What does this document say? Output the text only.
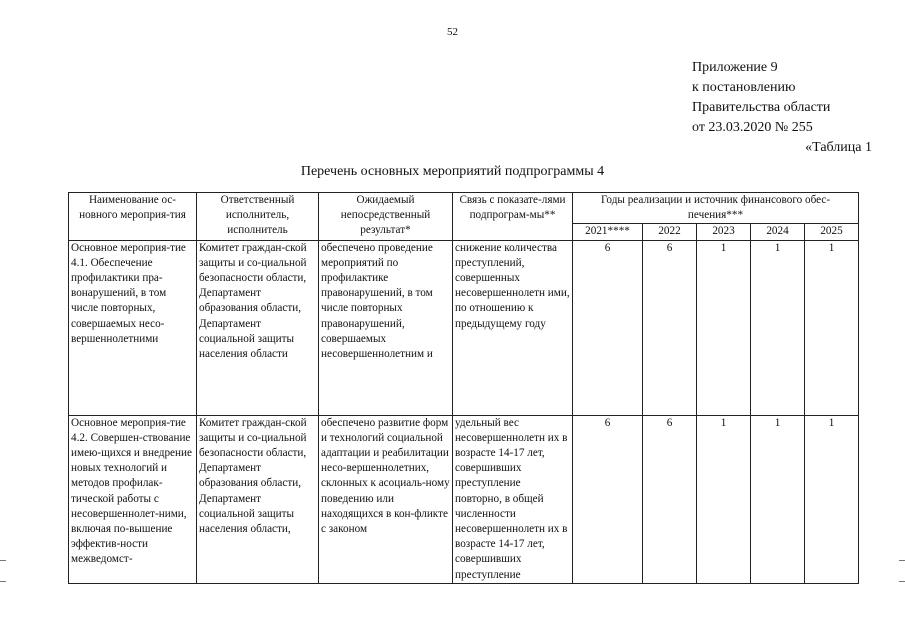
52
Приложение 9
к постановлению
Правительства области
от 23.03.2020 № 255
«Таблица 1
Перечень основных мероприятий подпрограммы 4
Наименование ос-новного мероприя-тия	Ответственный исполнитель, исполнитель	Ожидаемый непосредственный результат*	Связь с показате-лями подпрограм-мы**	Годы реализации и источник финансового обес-печения***				
				2021****	2022	2023	2024	2025
Основное мероприя-тие 4.1. Обеспечение профилактики пра-вонарушений, в том числе повторных, совершаемых несо-вершеннолетними	Комитет граждан-ской защиты и со-циальной безопасности области, Департамент образования области, Департамент социальной защиты населения области	обеспечено проведение мероприятий по профилактике правонарушений, в том числе повторных правонарушений, совершаемых несовершеннолетним и	снижение количества преступлений, совершенных несовершеннолетн ими, по отношению к предыдущему году	6	6	1	1	1
Основное мероприя-тие 4.2. Совершен-ствование имею-щихся и внедрение новых технологий и методов профилак-тической работы с несовершеннолет-ними, включая по-вышение эффектив-ности межведомст-	Комитет граждан-ской защиты и со-циальной безопасности области, Департамент образования области, Департамент социальной защиты населения области,	обеспечено развитие форм и технологий социальной адаптации и реабилитации несо-вершеннолетних, склонных к асоциаль-ному поведению или находящихся в кон-фликте с законом	удельный вес несовершеннолетн их в возрасте 14-17 лет, совершивших преступление повторно, в общей численности несовершеннолетн их в возрасте 14-17 лет, совершивших преступление	6	6	1	1	1
